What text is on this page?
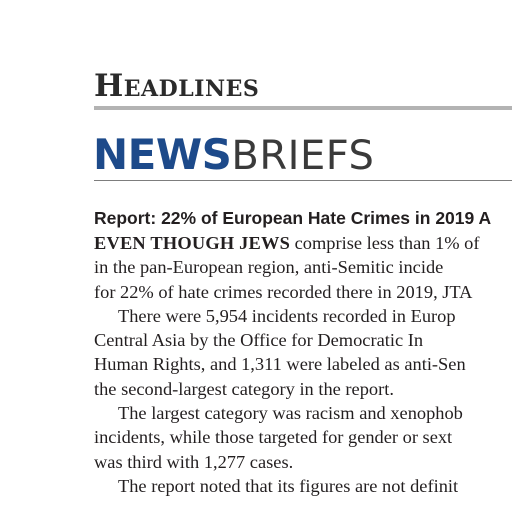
Headlines
NEWSBRIEFS
Report: 22% of European Hate Crimes in 2019 A
EVEN THOUGH JEWS comprise less than 1% of
in the pan-European region, anti-Semitic incide
for 22% of hate crimes recorded there in 2019, JTA
There were 5,954 incidents recorded in Europ
Central Asia by the Office for Democratic In
Human Rights, and 1,311 were labeled as anti-Sen
the second-largest category in the report.
The largest category was racism and xenophob
incidents, while those targeted for gender or sext
was third with 1,277 cases.
The report noted that its figures are not definit
